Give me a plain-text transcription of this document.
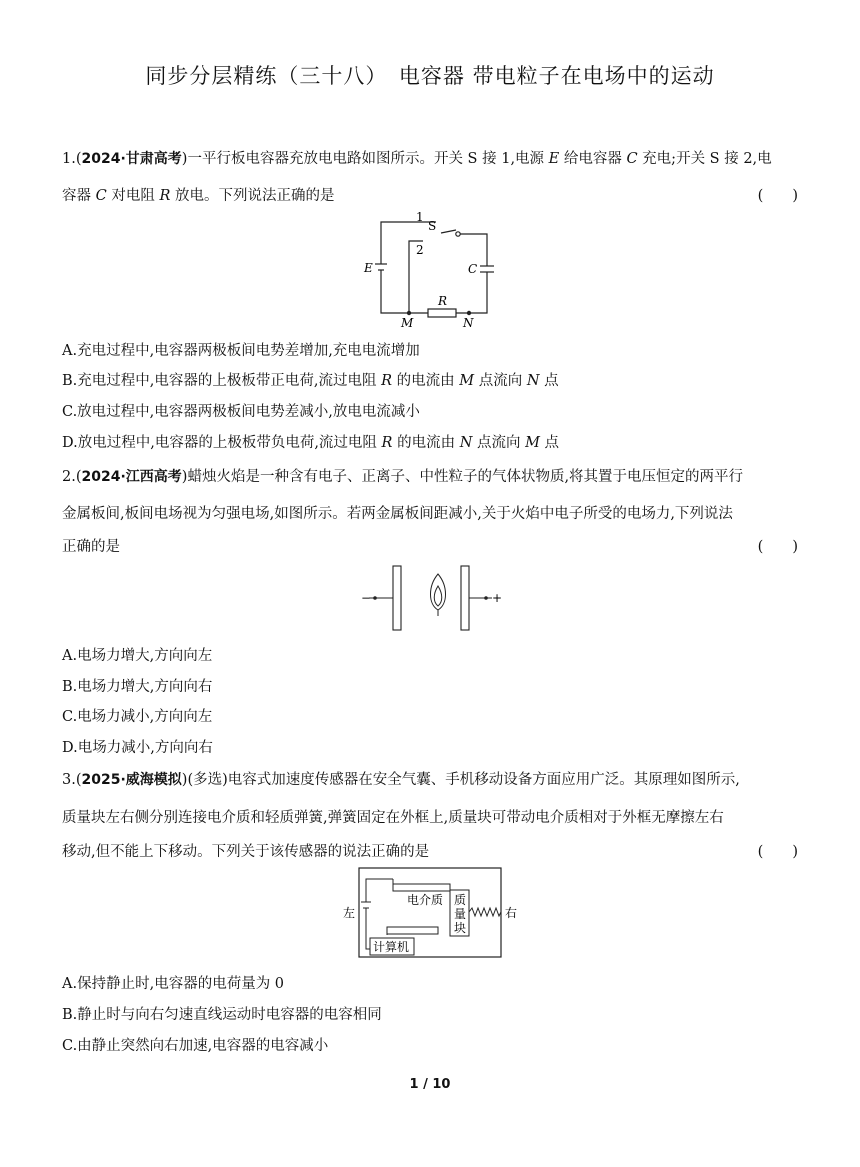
同步分层精练（三十八）　电容器 带电粒子在电场中的运动
1.(2024·甘肃高考)一平行板电容器充放电电路如图所示。开关 S 接 1,电源 E 给电容器 C 充电;开关 S 接 2,电
容器 C 对电阻 R 放电。下列说法正确的是	(　　)
1
S
2
E	C
R
M	N
A.充电过程中,电容器两极板间电势差增加,充电电流增加
B.充电过程中,电容器的上极板带正电荷,流过电阻 R 的电流由 M 点流向 N 点
C.放电过程中,电容器两极板间电势差减小,放电电流减小
D.放电过程中,电容器的上极板带负电荷,流过电阻 R 的电流由 N 点流向 M 点
2.(2024·江西高考)蜡烛火焰是一种含有电子、正离子、中性粒子的气体状物质,将其置于电压恒定的两平行
金属板间,板间电场视为匀强电场,如图所示。若两金属板间距减小,关于火焰中电子所受的电场力,下列说法
正确的是	(　　)
−	+
A.电场力增大,方向向左
B.电场力增大,方向向右
C.电场力减小,方向向左
D.电场力减小,方向向右
3.(2025·威海模拟)(多选)电容式加速度传感器在安全气囊、手机移动设备方面应用广泛。其原理如图所示,
质量块左右侧分别连接电介质和轻质弹簧,弹簧固定在外框上,质量块可带动电介质相对于外框无摩擦左右
移动,但不能上下移动。下列关于该传感器的说法正确的是	(　　)
左
电介质 质
量
块
计算机
右
A.保持静止时,电容器的电荷量为 0
B.静止时与向右匀速直线运动时电容器的电容相同
C.由静止突然向右加速,电容器的电容减小
1 / 10
